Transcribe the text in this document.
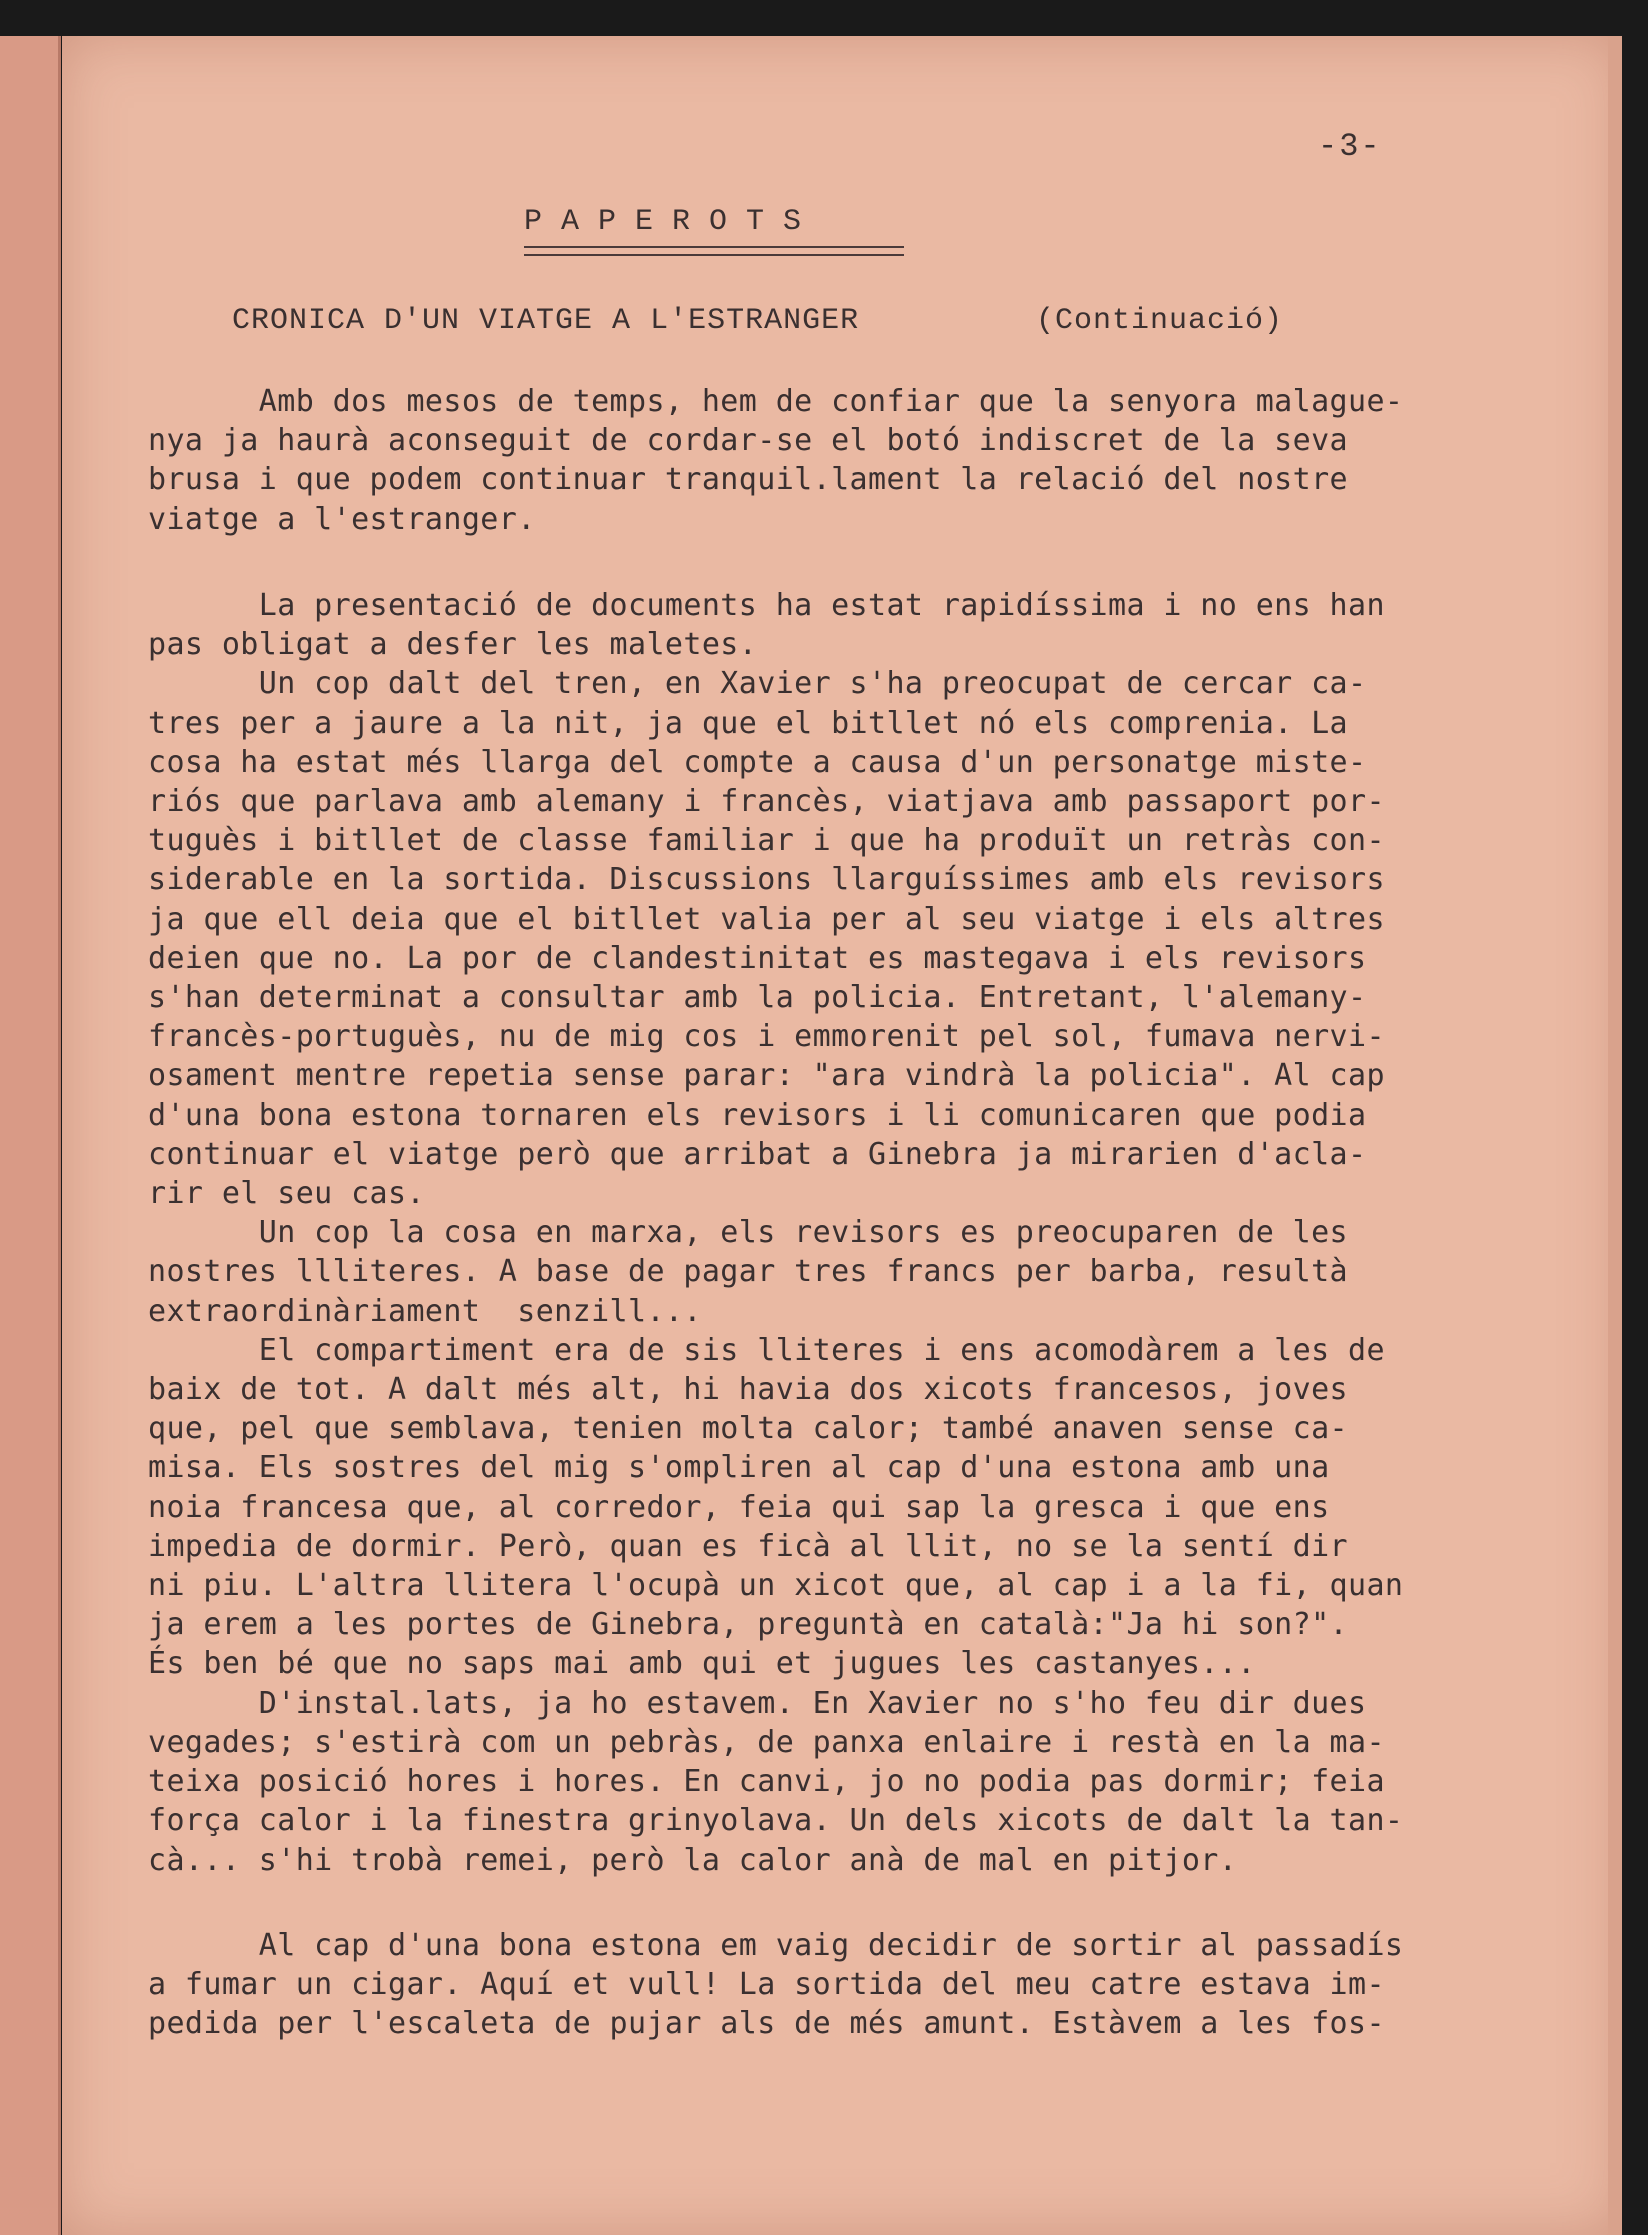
-3-
PAPEROTS
CRONICA D'UN VIATGE A L'ESTRANGER	(Continuació)
Amb dos mesos de temps, hem de confiar que la senyora malague-
nya ja haurà aconseguit de cordar-se el botó indiscret de la seva
brusa i que podem continuar tranquil.lament la relació del nostre
viatge a l'estranger.
La presentació de documents ha estat rapidíssima i no ens han
pas obligat a desfer les maletes.
Un cop dalt del tren, en Xavier s'ha preocupat de cercar ca-
tres per a jaure a la nit, ja que el bitllet nó els comprenia. La
cosa ha estat més llarga del compte a causa d'un personatge miste-
riós que parlava amb alemany i francès, viatjava amb passaport por-
tuguès i bitllet de classe familiar i que ha produït un retràs con-
siderable en la sortida. Discussions llarguíssimes amb els revisors
ja que ell deia que el bitllet valia per al seu viatge i els altres
deien que no. La por de clandestinitat es mastegava i els revisors
s'han determinat a consultar amb la policia. Entretant, l'alemany-
francès-portuguès, nu de mig cos i emmorenit pel sol, fumava nervi-
osament mentre repetia sense parar: "ara vindrà la policia". Al cap
d'una bona estona tornaren els revisors i li comunicaren que podia
continuar el viatge però que arribat a Ginebra ja mirarien d'acla-
rir el seu cas.
Un cop la cosa en marxa, els revisors es preocuparen de les
nostres llliteres. A base de pagar tres francs per barba, resultà
extraordinàriament  senzill...
El compartiment era de sis lliteres i ens acomodàrem a les de
baix de tot. A dalt més alt, hi havia dos xicots francesos, joves
que, pel que semblava, tenien molta calor; també anaven sense ca-
misa. Els sostres del mig s'ompliren al cap d'una estona amb una
noia francesa que, al corredor, feia qui sap la gresca i que ens
impedia de dormir. Però, quan es ficà al llit, no se la sentí dir
ni piu. L'altra llitera l'ocupà un xicot que, al cap i a la fi, quan
ja erem a les portes de Ginebra, preguntà en català:"Ja hi son?".
És ben bé que no saps mai amb qui et jugues les castanyes...
D'instal.lats, ja ho estavem. En Xavier no s'ho feu dir dues
vegades; s'estirà com un pebràs, de panxa enlaire i restà en la ma-
teixa posició hores i hores. En canvi, jo no podia pas dormir; feia
força calor i la finestra grinyolava. Un dels xicots de dalt la tan-
cà... s'hi trobà remei, però la calor anà de mal en pitjor.
Al cap d'una bona estona em vaig decidir de sortir al passadís
a fumar un cigar. Aquí et vull! La sortida del meu catre estava im-
pedida per l'escaleta de pujar als de més amunt. Estàvem a les fos-
